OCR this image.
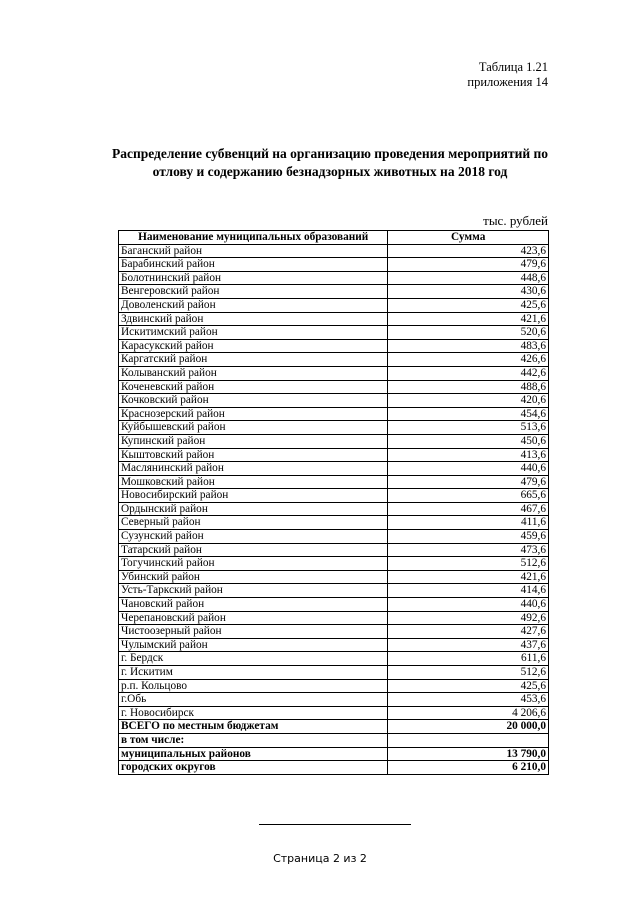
Таблица 1.21
приложения 14
Распределение субвенций на организацию проведения мероприятий по отлову и содержанию безнадзорных животных на 2018 год
тыс. рублей
Наименование муниципальных образований	Сумма
Баганский район	423,6
Барабинский район	479,6
Болотнинский район	448,6
Венгеровский район	430,6
Доволенский район	425,6
Здвинский район	421,6
Искитимский район	520,6
Карасукский район	483,6
Каргатский район	426,6
Колыванский район	442,6
Коченевский район	488,6
Кочковский район	420,6
Краснозерский район	454,6
Куйбышевский район	513,6
Купинский район	450,6
Кыштовский район	413,6
Маслянинский район	440,6
Мошковский район	479,6
Новосибирский район	665,6
Ордынский район	467,6
Северный район	411,6
Сузунский район	459,6
Татарский район	473,6
Тогучинский район	512,6
Убинский район	421,6
Усть-Таркский район	414,6
Чановский район	440,6
Черепановский район	492,6
Чистоозерный район	427,6
Чулымский район	437,6
г. Бердск	611,6
г. Искитим	512,6
р.п. Кольцово	425,6
г.Обь	453,6
г. Новосибирск	4 206,6
ВСЕГО по местным бюджетам	20 000,0
в том числе:	
муниципальных районов	13 790,0
городских округов	6 210,0
Страница 2 из 2
